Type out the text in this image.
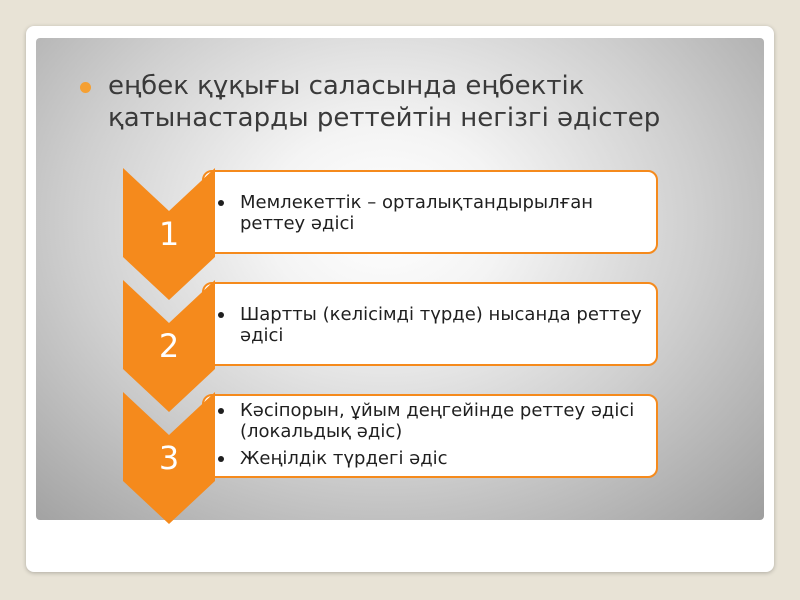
еңбек құқығы саласында еңбектік қатынастарды реттейтін негізгі әдістер
Мемлекеттік – орталықтандырылған реттеу әдісі
1
Шартты (келісімді түрде) нысанда реттеу әдісі
2
Кәсіпорын, ұйым деңгейінде реттеу әдісі (локальдық әдіс)
Жеңілдік түрдегі әдіс
3
